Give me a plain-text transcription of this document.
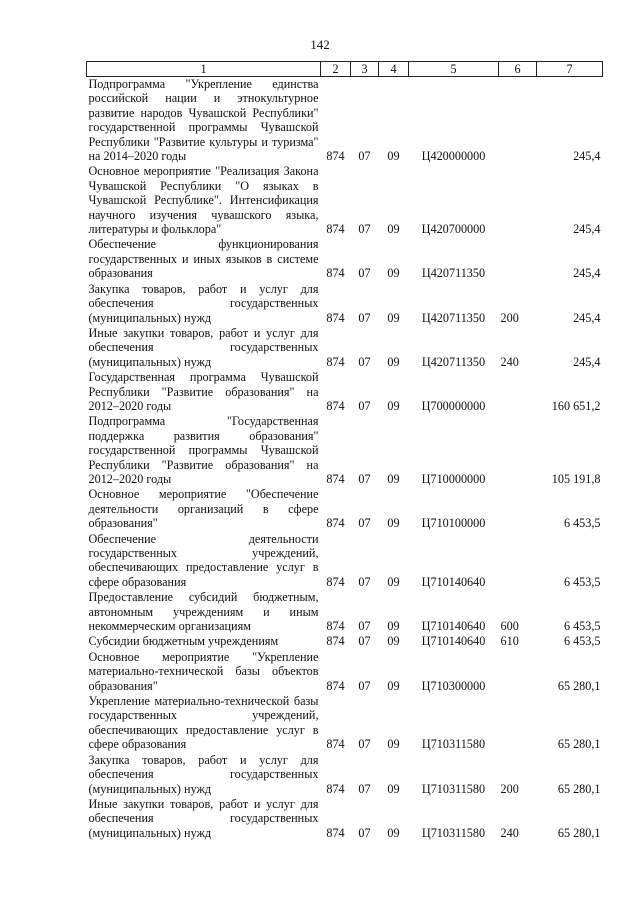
142
1	2	3	4	5	6	7
Подпрограмма "Укрепление единства российской нации и этнокультурное развитие народов Чувашской Республики" государственной программы Чувашской Республики "Развитие культуры и туризма" на 2014–2020 годы	874	07	09	Ц420000000		245,4
Основное мероприятие "Реализация Закона Чувашской Республики "О языках в Чувашской Республике". Интенсификация научного изучения чувашского языка, литературы и фольклора"	874	07	09	Ц420700000		245,4
Обеспечение функционирования государственных и иных языков в системе образования	874	07	09	Ц420711350		245,4
Закупка товаров, работ и услуг для обеспечения государственных (муниципальных) нужд	874	07	09	Ц420711350	200	245,4
Иные закупки товаров, работ и услуг для обеспечения государственных (муниципальных) нужд	874	07	09	Ц420711350	240	245,4
Государственная программа Чувашской Республики "Развитие образования" на 2012–2020 годы	874	07	09	Ц700000000		160 651,2
Подпрограмма "Государственная поддержка развития образования" государственной программы Чувашской Республики "Развитие образования" на 2012–2020 годы	874	07	09	Ц710000000		105 191,8
Основное мероприятие "Обеспечение деятельности организаций в сфере образования"	874	07	09	Ц710100000		6 453,5
Обеспечение деятельности государственных учреждений, обеспечивающих предоставление услуг в сфере образования	874	07	09	Ц710140640		6 453,5
Предоставление субсидий бюджетным, автономным учреждениям и иным некоммерческим организациям	874	07	09	Ц710140640	600	6 453,5
Субсидии бюджетным учреждениям	874	07	09	Ц710140640	610	6 453,5
Основное мероприятие "Укрепление материально-технической базы объектов образования"	874	07	09	Ц710300000		65 280,1
Укрепление материально-технической базы государственных учреждений, обеспечивающих предоставление услуг в сфере образования	874	07	09	Ц710311580		65 280,1
Закупка товаров, работ и услуг для обеспечения государственных (муниципальных) нужд	874	07	09	Ц710311580	200	65 280,1
Иные закупки товаров, работ и услуг для обеспечения государственных (муниципальных) нужд	874	07	09	Ц710311580	240	65 280,1
